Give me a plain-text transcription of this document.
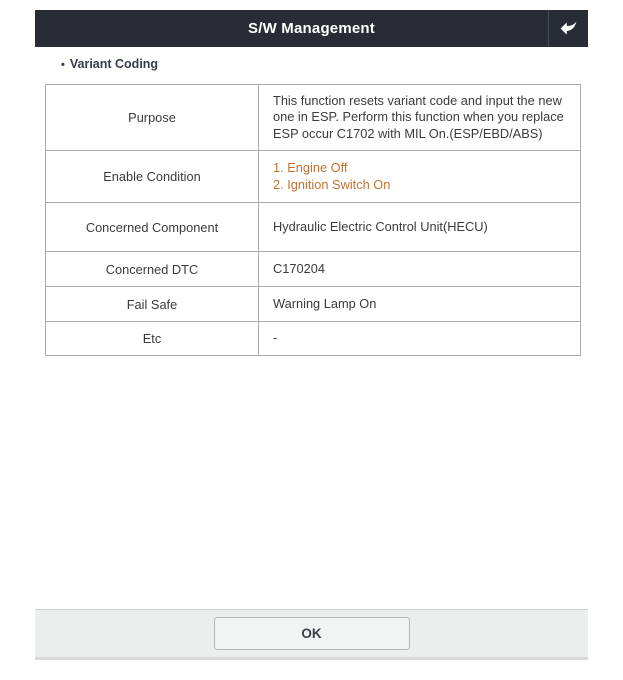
S/W Management
• Variant Coding
Purpose	This function resets variant code and input the new one in ESP. Perform this function when you replace ESP occur C1702 with MIL On.(ESP/EBD/ABS)
Enable Condition	1. Engine Off
2. Ignition Switch On

Concerned Component	Hydraulic Electric Control Unit(HECU)
Concerned DTC	C170204
Fail Safe	Warning Lamp On
Etc	-
OK
